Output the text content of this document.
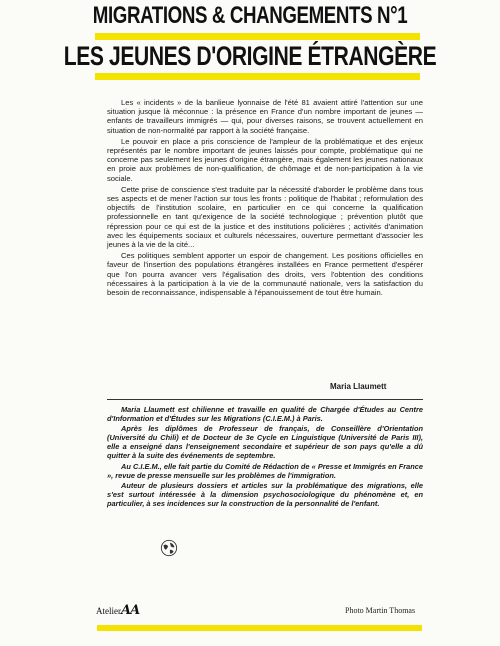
MIGRATIONS & CHANGEMENTS N°1
LES JEUNES D'ORIGINE ÉTRANGÈRE

Les « incidents » de la banlieue lyonnaise de l'été 81 avaient attiré l'attention sur une situation jusque là méconnue : la présence en France d'un nombre important de jeunes — enfants de travailleurs immigrés — qui, pour diverses raisons, se trouvent actuellement en situation de non-normalité par rapport à la société française.

Le pouvoir en place a pris conscience de l'ampleur de la problématique et des enjeux représentés par le nombre important de jeunes laissés pour compte, problématique qui ne concerne pas seulement les jeunes d'origine étrangère, mais également les jeunes nationaux en proie aux problèmes de non-qualification, de chômage et de non-participation à la vie sociale.

Cette prise de conscience s'est traduite par la nécessité d'aborder le problème dans tous ses aspects et de mener l'action sur tous les fronts : politique de l'habitat ; reformulation des objectifs de l'institution scolaire, en particulier en ce qui concerne la qualification professionnelle en tant qu'exigence de la société technologique ; prévention plutôt que répression pour ce qui est de la justice et des institutions policières ; activités d'animation avec les équipements sociaux et culturels nécessaires, ouverture permettant d'associer les jeunes à la vie de la cité...

Ces politiques semblent apporter un espoir de changement. Les positions officielles en faveur de l'insertion des populations étrangères installées en France permettent d'espérer que l'on pourra avancer vers l'égalisation des droits, vers l'obtention des conditions nécessaires à la participation à la vie de la communauté nationale, vers la satisfaction du besoin de reconnaissance, indispensable à l'épanouissement de tout être humain.

Maria Llaumett

Maria Llaumett est chilienne et travaille en qualité de Chargée d'Études au Centre d'Information et d'Études sur les Migrations (C.I.E.M.) à Paris.

Après les diplômes de Professeur de français, de Conseillère d'Orientation (Université du Chili) et de Docteur de 3e Cycle en Linguistique (Université de Paris III), elle a enseigné dans l'enseignement secondaire et supérieur de son pays qu'elle a dû quitter à la suite des événements de septembre.

Au C.I.E.M., elle fait partie du Comité de Rédaction de « Presse et Immigrés en France », revue de presse mensuelle sur les problèmes de l'immigration.

Auteur de plusieurs dossiers et articles sur la problématique des migrations, elle s'est surtout intéressée à la dimension psychosociologique du phénomène et, en particulier, à ses incidences sur la construction de la personnalité de l'enfant.

AtelierAA	Photo Martin Thomas
